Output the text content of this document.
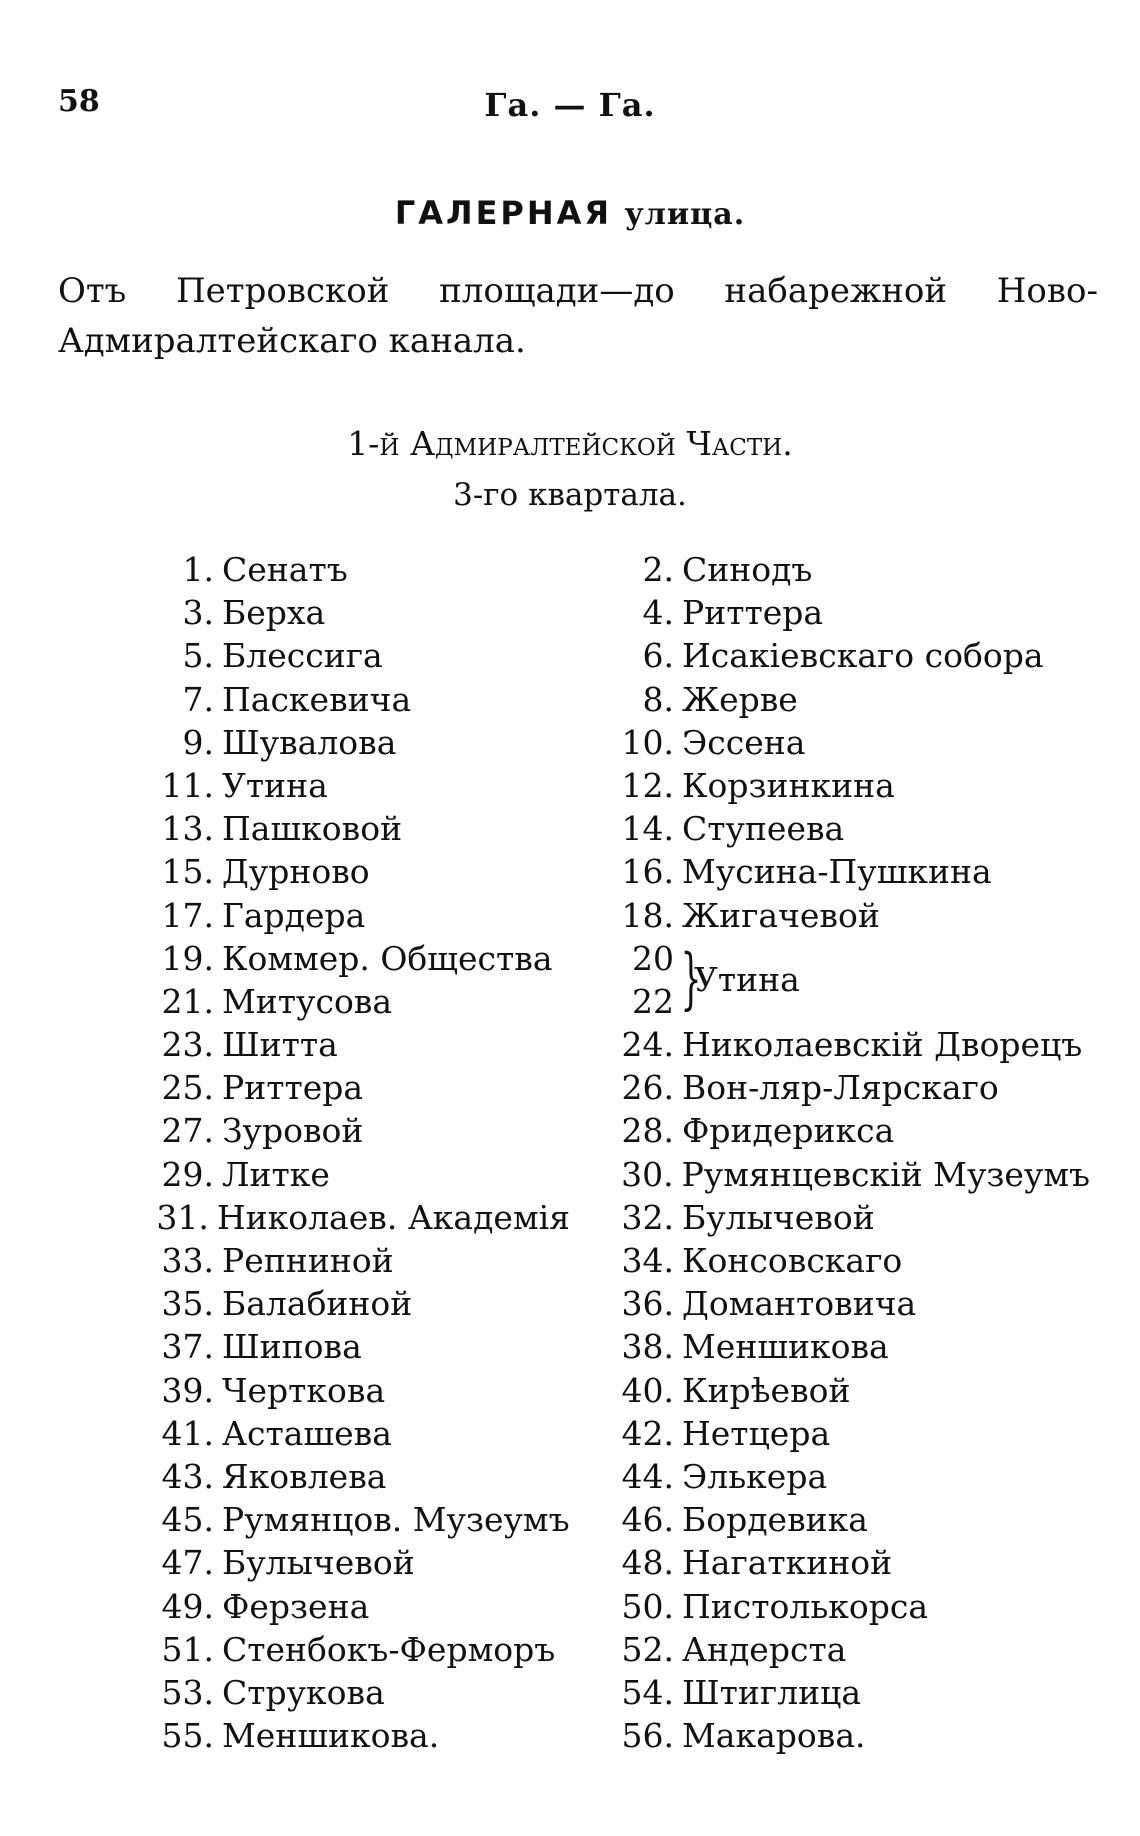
58	Га. — Га.
ГАЛЕРНАЯ улица.
Отъ Петровской площади—до набарежной Ново-Адмиралтейскаго канала.
1-й Адмиралтейской Части.
3-го квартала.
1. Сенатъ
3. Берха
5. Блессига
7. Паскевича
9. Шувалова
11. Утина
13. Пашковой
15. Дурново
17. Гардера
19. Коммер. Общества
21. Митусова
23. Шитта
25. Риттера
27. Зуровой
29. Литке
31. Николаев. Академія
33. Репниной
35. Балабиной
37. Шипова
39. Черткова
41. Асташева
43. Яковлева
45. Румянцов. Музеумъ
47. Булычевой
49. Ферзена
51. Стенбокъ-Ферморъ
53. Струкова
55. Меншикова.
2. Синодъ
4. Риттера
6. Исакіевскаго собора
8. Жерве
10. Эссена
12. Корзинкина
14. Ступеева
16. Мусина-Пушкина
18. Жигачевой
20
22 }
Утина
24. Николаевскій Дворецъ
26. Вон-ляр-Лярскаго
28. Фридерикса
30. Румянцевскій Музеумъ
32. Булычевой
34. Консовскаго
36. Домантовича
38. Меншикова
40. Кирѣевой
42. Нетцера
44. Элькера
46. Бордевика
48. Нагаткиной
50. Пистолькорса
52. Андерста
54. Штиглица
56. Макарова.
